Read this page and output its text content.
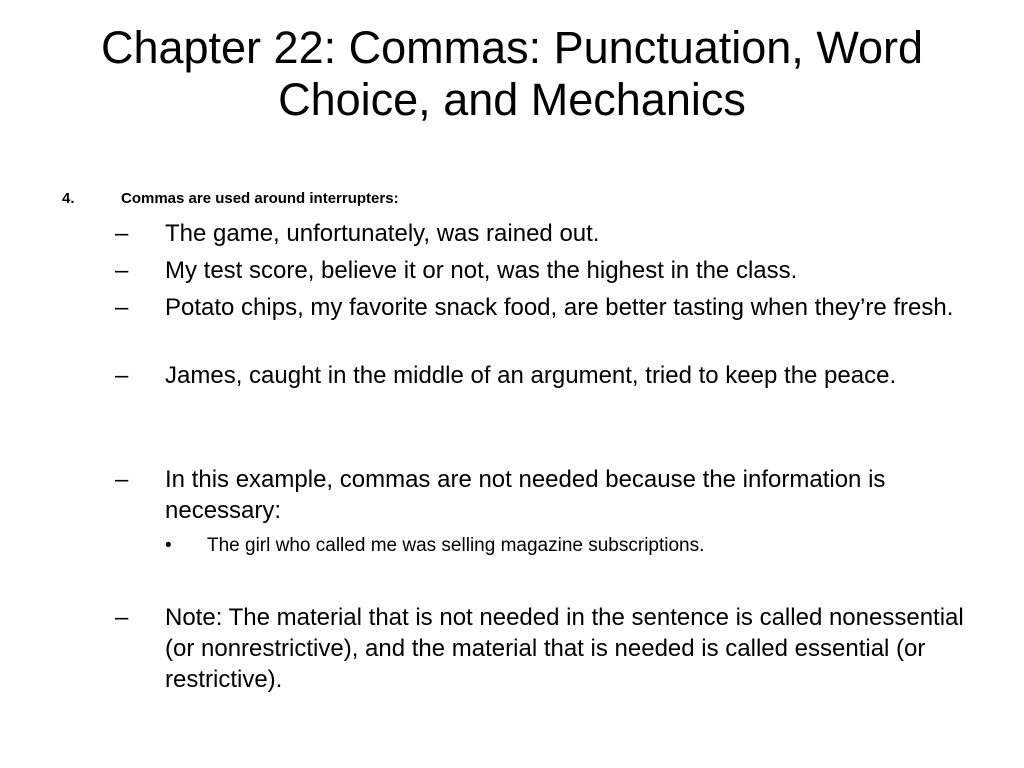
Chapter 22: Commas: Punctuation, Word Choice, and Mechanics
4.	Commas are used around interrupters:
– The game, unfortunately, was rained out.
– My test score, believe it or not, was the highest in the class.
– Potato chips, my favorite snack food, are better tasting when they’re fresh.
– James, caught in the middle of an argument, tried to keep the peace.
– In this example, commas are not needed because the information is necessary:
• The girl who called me was selling magazine subscriptions.
– Note: The material that is not needed in the sentence is called nonessential (or nonrestrictive), and the material that is needed is called essential (or restrictive).
